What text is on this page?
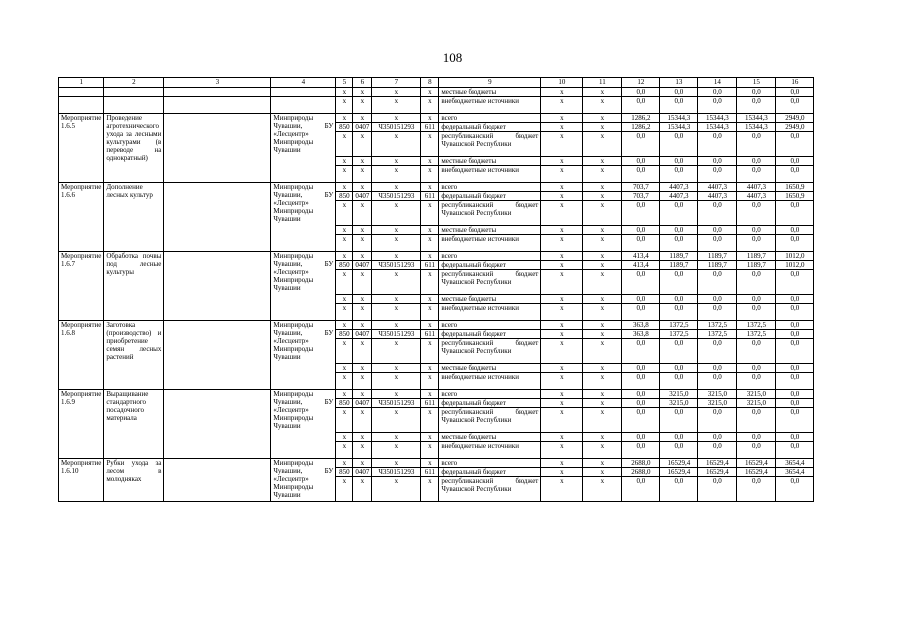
108
1	2	3	4	5	6	7	8	9	10	11	12	13	14	15	16
				x	x	x	x	местные бюджеты	x	x	0,0	0,0	0,0	0,0	0,0
				x	x	x	x	внебюджетные источники	x	x	0,0	0,0	0,0	0,0	0,0
Мероприятие 1.6.5	Проведение агротехнического ухода за лесными культурами (в переводе на однократный)		Минприроды Чувашии, БУ «Лесцентр» Минприроды Чувашии	x	x	x	x	всего	x	x	1286,2	15344,3	15344,3	15344,3	2949,0
				850	0407	Ч350151293	611	федеральный бюджет	x	x	1286,2	15344,3	15344,3	15344,3	2949,0
				x	x	x	x	республиканский бюджет Чувашской Республики	x	x	0,0	0,0	0,0	0,0	0,0
				x	x	x	x	местные бюджеты	x	x	0,0	0,0	0,0	0,0	0,0
				x	x	x	x	внебюджетные источники	x	x	0,0	0,0	0,0	0,0	0,0
Мероприятие 1.6.6	Дополнение лесных культур		Минприроды Чувашии, БУ «Лесцентр» Минприроды Чувашии	x	x	x	x	всего	x	x	703,7	4407,3	4407,3	4407,3	1650,9
				850	0407	Ч350151293	611	федеральный бюджет	x	x	703,7	4407,3	4407,3	4407,3	1650,9
				x	x	x	x	республиканский бюджет Чувашской Республики	x	x	0,0	0,0	0,0	0,0	0,0
				x	x	x	x	местные бюджеты	x	x	0,0	0,0	0,0	0,0	0,0
				x	x	x	x	внебюджетные источники	x	x	0,0	0,0	0,0	0,0	0,0
Мероприятие 1.6.7	Обработка почвы под лесные культуры		Минприроды Чувашии, БУ «Лесцентр» Минприроды Чувашии	x	x	x	x	всего	x	x	413,4	1189,7	1189,7	1189,7	1012,0
				850	0407	Ч350151293	611	федеральный бюджет	x	x	413,4	1189,7	1189,7	1189,7	1012,0
				x	x	x	x	республиканский бюджет Чувашской Республики	x	x	0,0	0,0	0,0	0,0	0,0
				x	x	x	x	местные бюджеты	x	x	0,0	0,0	0,0	0,0	0,0
				x	x	x	x	внебюджетные источники	x	x	0,0	0,0	0,0	0,0	0,0
Мероприятие 1.6.8	Заготовка (производство) и приобретение семян лесных растений		Минприроды Чувашии, БУ «Лесцентр» Минприроды Чувашии	x	x	x	x	всего	x	x	363,8	1372,5	1372,5	1372,5	0,0
				850	0407	Ч350151293	611	федеральный бюджет	x	x	363,8	1372,5	1372,5	1372,5	0,0
				x	x	x	x	республиканский бюджет Чувашской Республики	x	x	0,0	0,0	0,0	0,0	0,0
				x	x	x	x	местные бюджеты	x	x	0,0	0,0	0,0	0,0	0,0
				x	x	x	x	внебюджетные источники	x	x	0,0	0,0	0,0	0,0	0,0
Мероприятие 1.6.9	Выращивание стандартного посадочного материала		Минприроды Чувашии, БУ «Лесцентр» Минприроды Чувашии	x	x	x	x	всего	x	x	0,0	3215,0	3215,0	3215,0	0,0
				850	0407	Ч350151293	611	федеральный бюджет	x	x	0,0	3215,0	3215,0	3215,0	0,0
				x	x	x	x	республиканский бюджет Чувашской Республики	x	x	0,0	0,0	0,0	0,0	0,0
				x	x	x	x	местные бюджеты	x	x	0,0	0,0	0,0	0,0	0,0
				x	x	x	x	внебюджетные источники	x	x	0,0	0,0	0,0	0,0	0,0
Мероприятие 1.6.10	Рубки ухода за лесом в молодняках		Минприроды Чувашии, БУ «Лесцентр» Минприроды Чувашии	x	x	x	x	всего	x	x	2688,0	16529,4	16529,4	16529,4	3654,4
				850	0407	Ч350151293	611	федеральный бюджет	x	x	2688,0	16529,4	16529,4	16529,4	3654,4
				x	x	x	x	республиканский бюджет Чувашской Республики	x	x	0,0	0,0	0,0	0,0	0,0
